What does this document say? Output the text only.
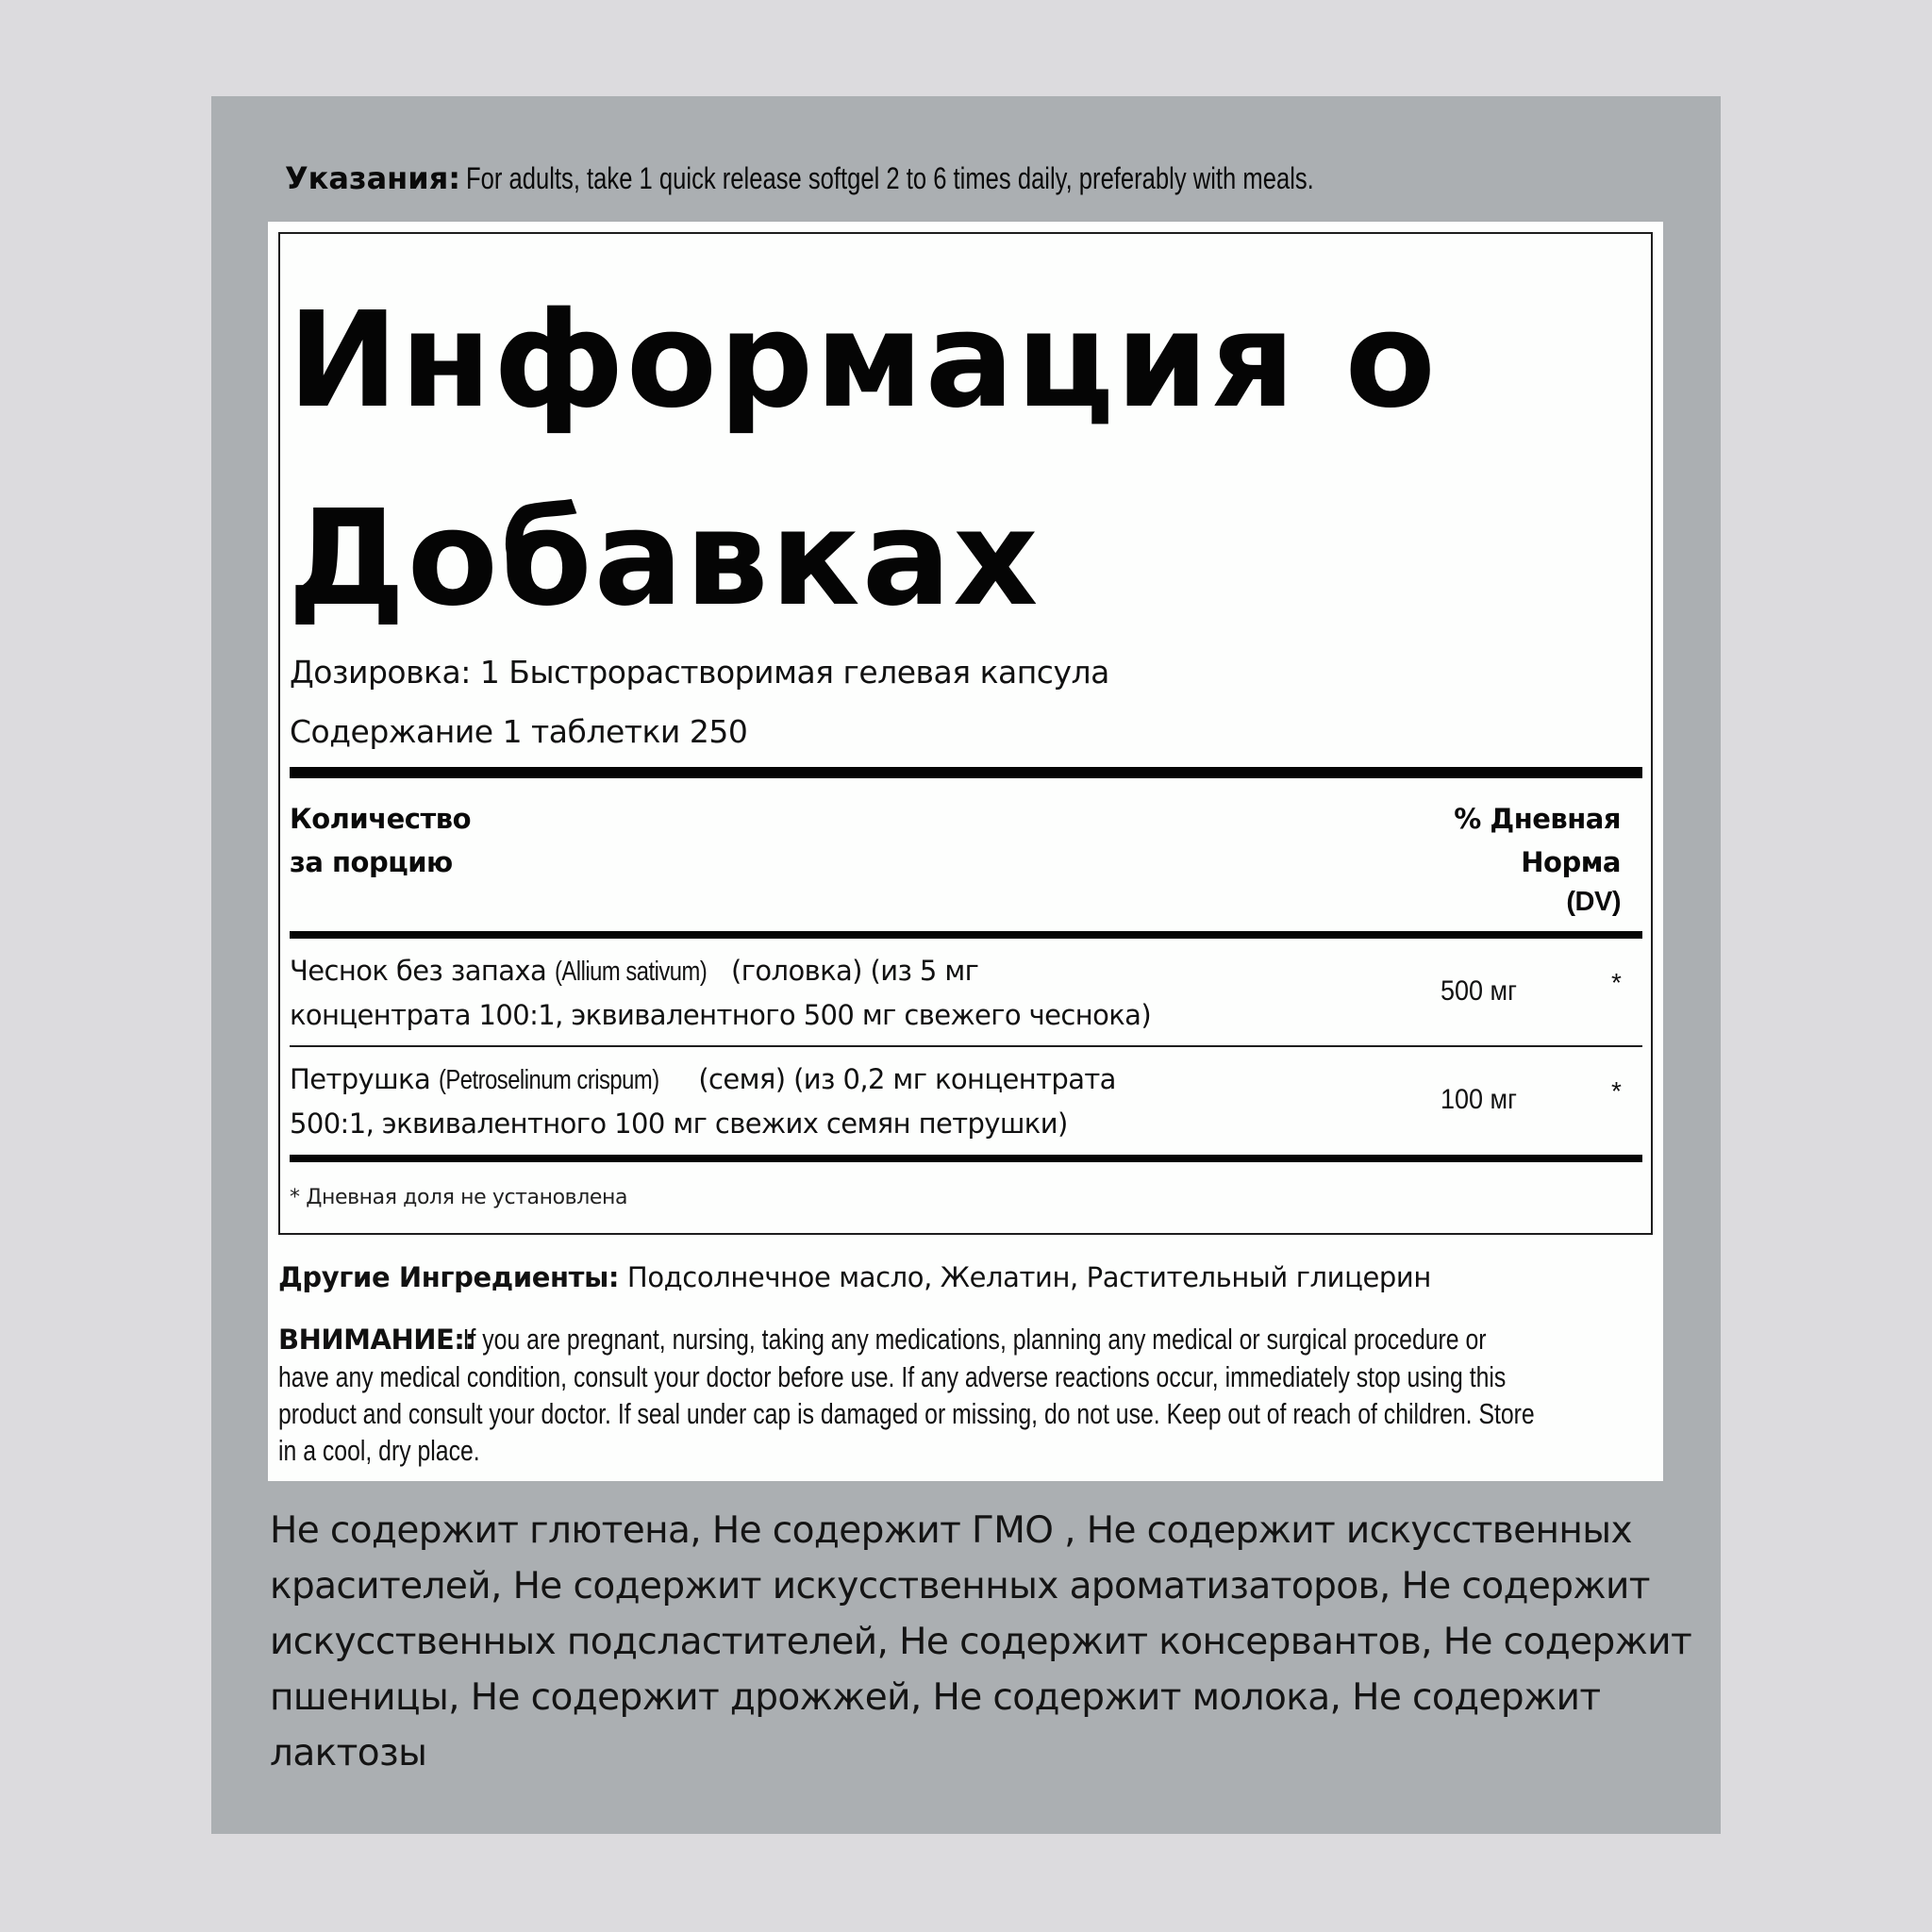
Указания: For adults, take 1 quick release softgel 2 to 6 times daily, preferably with meals.
Информация о
Добавках
Дозировка: 1 Быстрорастворимая гелевая капсула
Содержание 1 таблетки 250
Количество
за порцию
% Дневная
Норма
(DV)
Чеснок без запаха (Allium sativum) (головка) (из 5 мг
концентрата 100:1, эквивалентного 500 мг свежего чеснока)
500 мг	*
Петрушка (Petroselinum crispum) (семя) (из 0,2 мг концентрата
500:1, эквивалентного 100 мг свежих семян петрушки)
100 мг	*
* Дневная доля не установлена
Другие Ингредиенты: Подсолнечное масло, Желатин, Растительный глицерин
ВНИМАНИЕ::If you are pregnant, nursing, taking any medications, planning any medical or surgical procedure or
have any medical condition, consult your doctor before use. If any adverse reactions occur, immediately stop using this
product and consult your doctor. If seal under cap is damaged or missing, do not use. Keep out of reach of children. Store
in a cool, dry place.
Не содержит глютена, Не содержит ГМО , Не содержит искусственных
красителей, Не содержит искусственных ароматизаторов, Не содержит
искусственных подсластителей, Не содержит консервантов, Не содержит
пшеницы, Не содержит дрожжей, Не содержит молока, Не содержит
лактозы
